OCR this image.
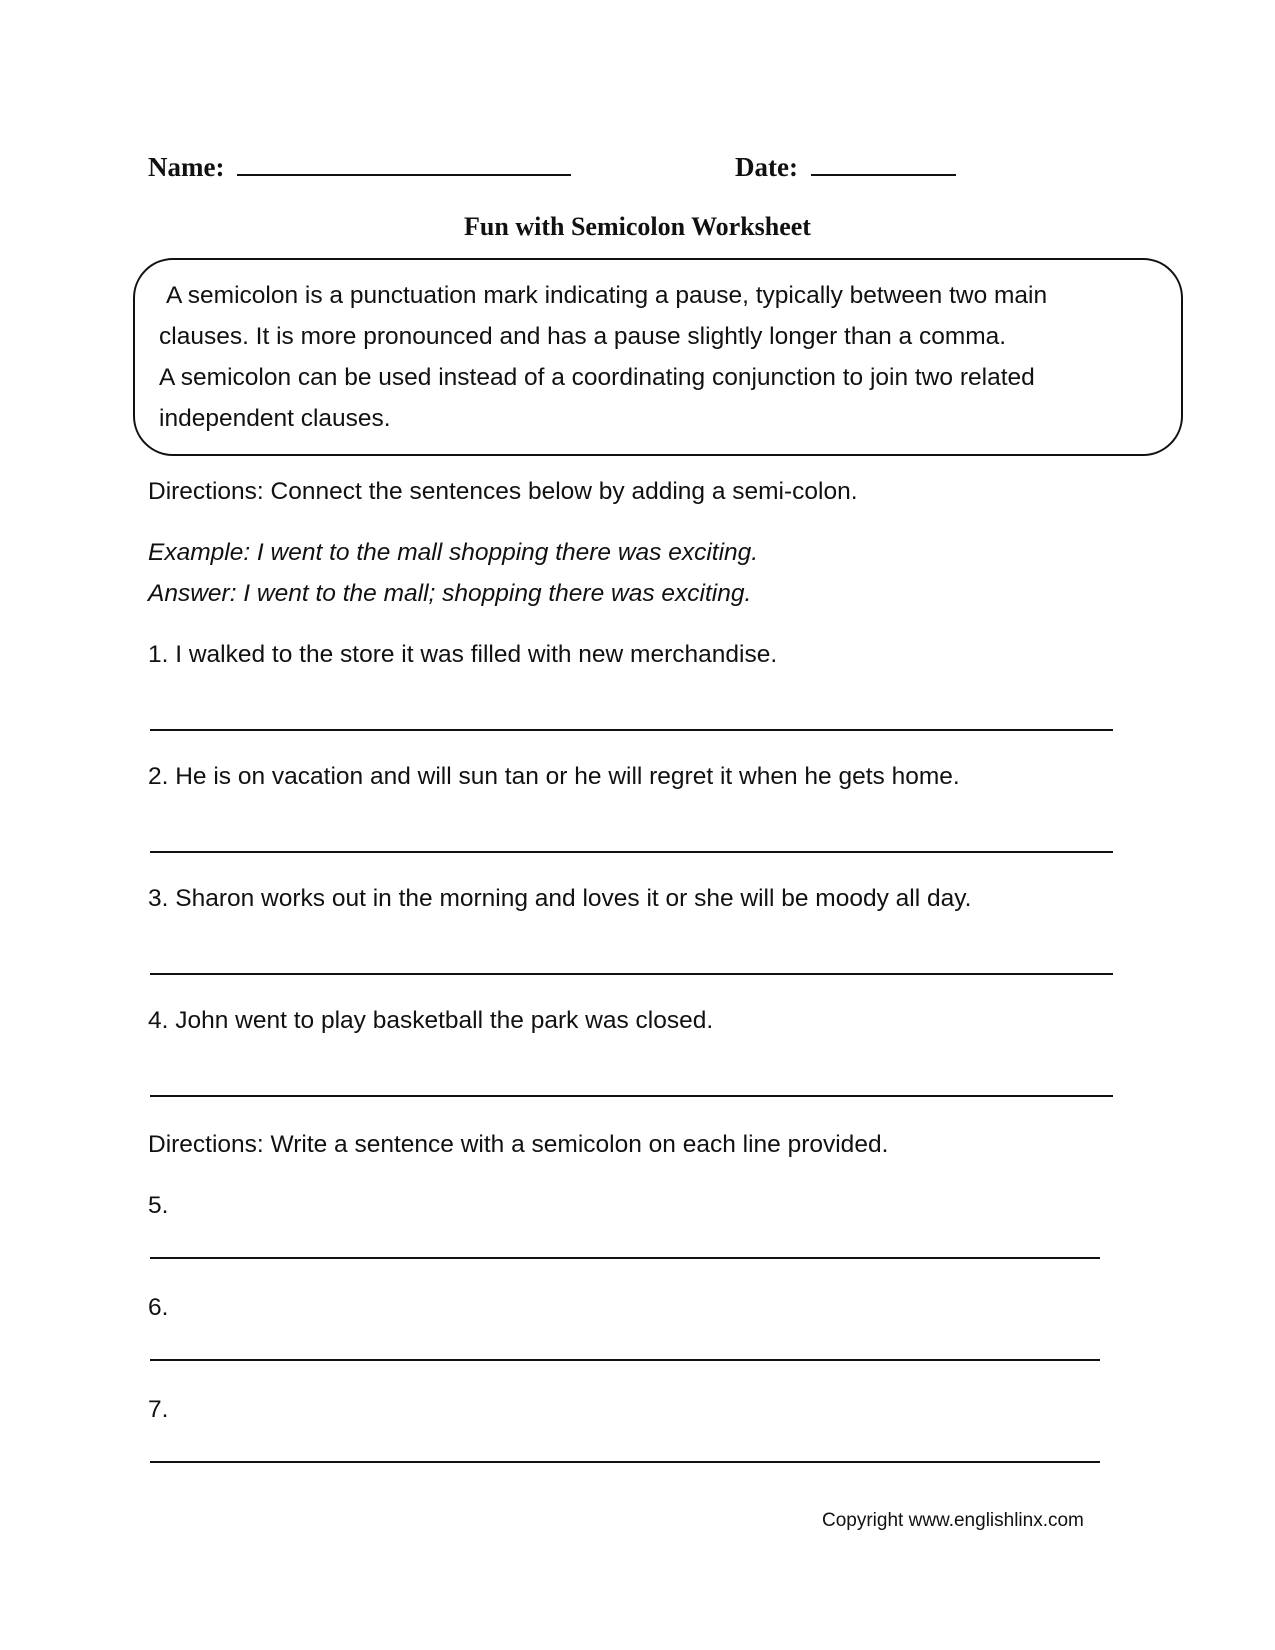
Name:	Date:
Fun with Semicolon Worksheet
A semicolon is a punctuation mark indicating a pause, typically between two main
clauses. It is more pronounced and has a pause slightly longer than a comma.
A semicolon can be used instead of a coordinating conjunction to join two related
independent clauses.
Directions: Connect the sentences below by adding a semi-colon.
Example: I went to the mall shopping there was exciting.
Answer: I went to the mall; shopping there was exciting.
1. I walked to the store it was filled with new merchandise.
2. He is on vacation and will sun tan or he will regret it when he gets home.
3. Sharon works out in the morning and loves it or she will be moody all day.
4. John went to play basketball the park was closed.
Directions: Write a sentence with a semicolon on each line provided.
5.
6.
7.
Copyright www.englishlinx.com
